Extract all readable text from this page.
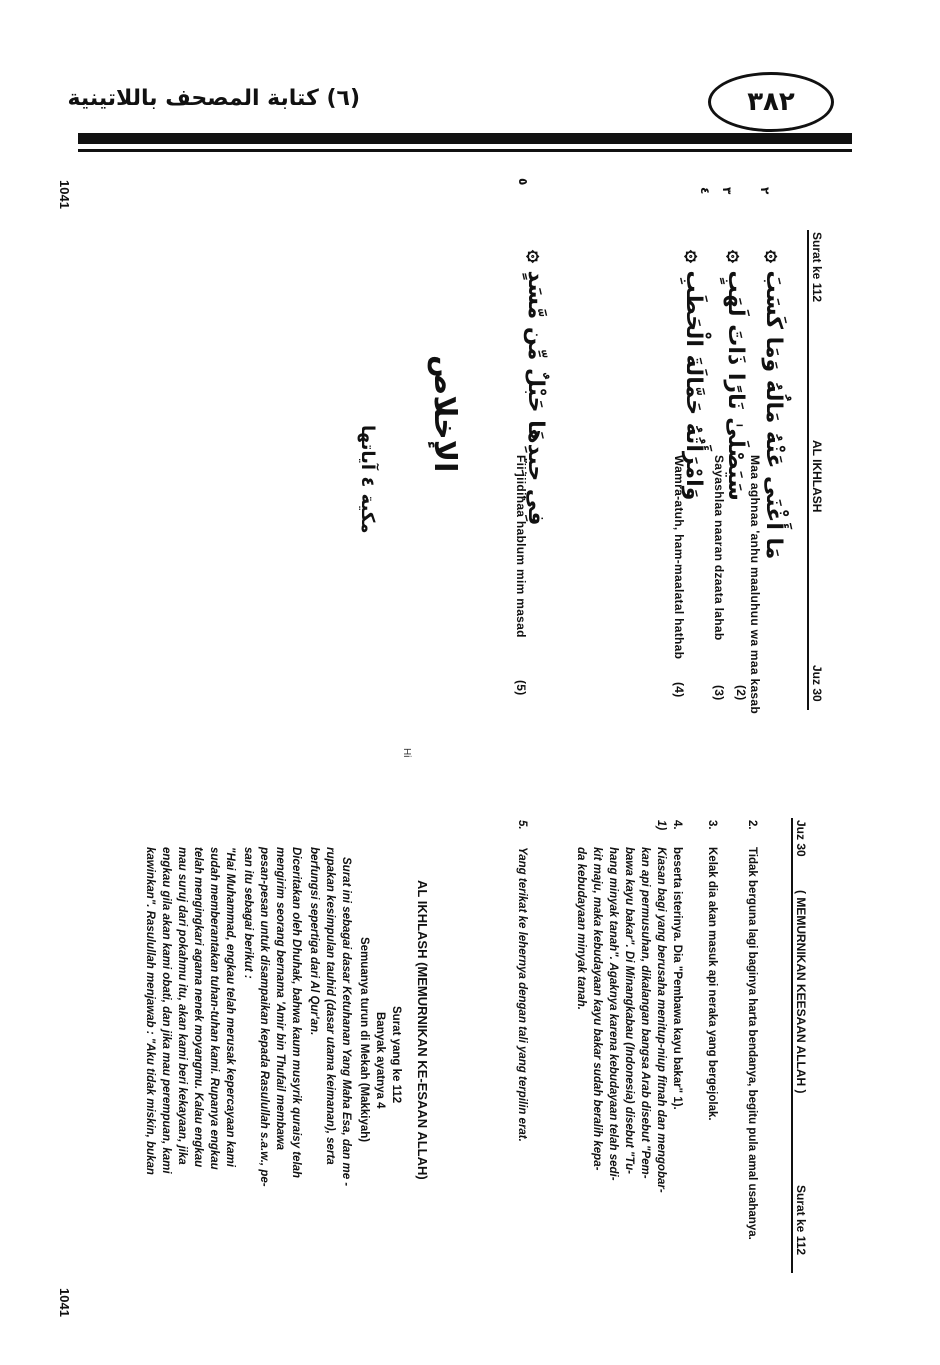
(٦) كتابة المصحف باللاتينية	٣٨٢
Surat ke 112
AL IKHLASH
Juz 30
٢
مَا أَغْنَى عَنْهُ مَالُهُ وَمَا كَسَبَ ۞
Maa aghnaa 'anhu maaluhuu wa maa kasab
(2)
٣
سَيَصْلَىٰ نَارًا ذَاتَ لَهَبٍ ۞
Sayashlaa naaran dzaata lahab
(3)
٤
وَامْرَأَتُهُ حَمَّالَةَ الْحَطَبِ ۞
Wamra-atuh, ham-maalatal hathab
(4)
الإخلاص
مكية ٤ آياتها
٥
فِي جِيدِهَا حَبْلٌ مِّن مَّسَدٍ ۞
Fii jiidihaa hablum mim masad
(5)
1041
Hi
Juz 30
( MEMURNIKAN KEESAAN ALLAH )
Surat ke 112
2.
Tidak berguna lagi baginya harta bendanya, begitu pula amal usahanya.
3.
Kelak dia akan masuk api neraka yang bergejolak.
4.
beserta isterinya. Dia "Pembawa kayu bakar" 1).
1)
Kiasan bagi yang berusaha menitup-niup fitnah dan mengobar-
kan api permusuhan, dikalangan bangsa Arab disebut "Pem-
bawa kayu bakar". Di Minangkabau (Indonesia) disebut "Tu-
hang minyak tanah". Agaknya karena kebudayaan telah sedi-
kit maju, maka kebudayaan kayu bakar sudah beralih kepa-
da kebudayaan minyak tanah.
5.
Yang terikat ke lehernya dengan tali yang terpilin erat.
AL IKHLASH (MEMURNIKAN KE-ESAAN ALLAH)
Surat yang ke 112
Banyak ayatnya 4
Semuanya turun di Mekah (Makkiyah)
Surat ini sebagai dasar Ketuhanan Yang Maha Esa, dan me -
rupakan kesimpulan tauhid (dasar utama keimanan), serta
berfungsi sepertiga dari Al Qur'an.
Diceritakan oleh Dhuhak, bahwa kaum musyrik quraisy telah
mengirim seorang bernama 'Amir bin Thufail membawa
pesan-pesan untuk disampaikan kepada Rasulullah s.a.w., pe-
san itu sebagai berikut :
"Hai Muhammad, engkau telah merusak kepercayaan kami
sudah memberantakan tuhan-tuhan kami. Rupanya engkau
telah mengingkari agama nenek moyangmu. Kalau engkau
mau suruj dari pokahmu itu, akan kami beri kekayaan, jika
engkau gila akan kami obati, dan jika mau perempuan, kami
kawinkan". Rasulullah menjawab : "Aku tidak miskin, bukan
1041
